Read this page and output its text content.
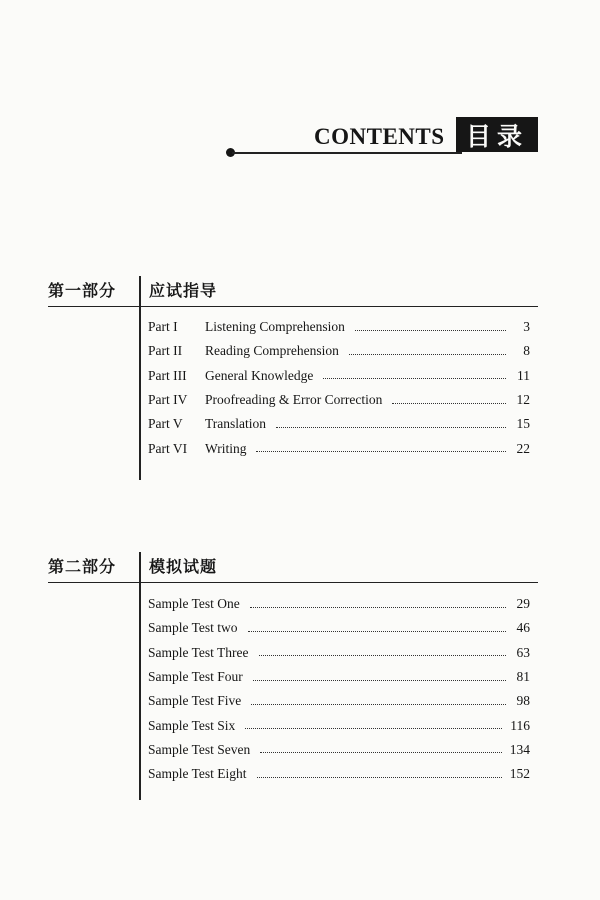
CONTENTS 目录
第一部分 应试指导
Part I	Listening Comprehension	3
Part II	Reading Comprehension	8
Part III	General Knowledge	11
Part IV	Proofreading & Error Correction	12
Part V	Translation	15
Part VI	Writing	22
第二部分 模拟试题
Sample Test One	29
Sample Test two	46
Sample Test Three	63
Sample Test Four	81
Sample Test Five	98
Sample Test Six	116
Sample Test Seven	134
Sample Test Eight	152
